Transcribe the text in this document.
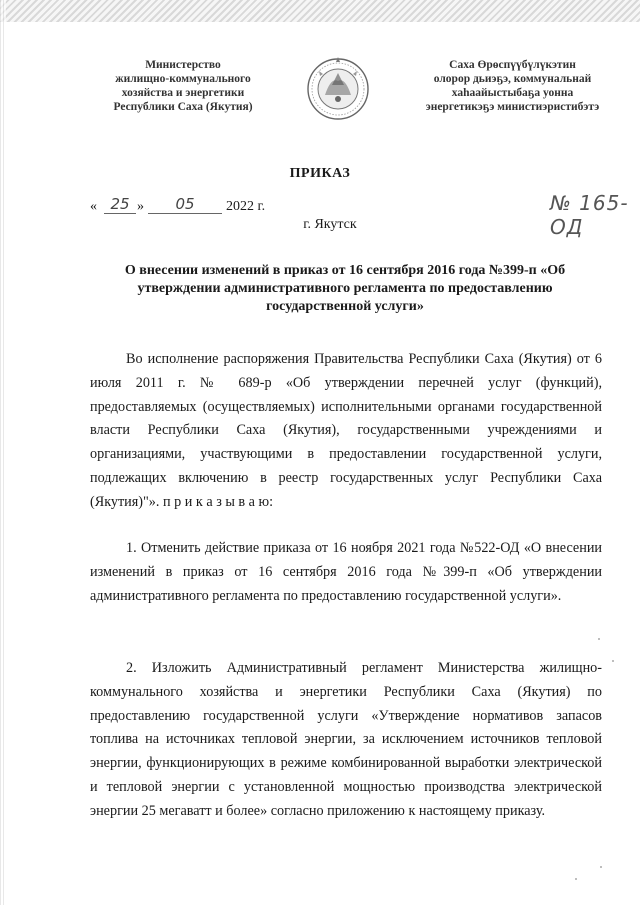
Министерство
жилищно-коммунального
хозяйства и энергетики
Республики Саха (Якутия)
Саха Өрөспүүбүлүкэтин
олорор дьиэҕэ, коммунальнай
хаһаайыстыбаҕа уонна
энергетикэҕэ министиэристибэтэ
ПРИКАЗ
« 25 »	05	2022 г.	№ 165-ОД
г. Якутск
О внесении изменений в приказ от 16 сентября 2016 года №399-п «Об
утверждении административного регламента по предоставлению
государственной услуги»
Во исполнение распоряжения Правительства Республики Саха (Якутия) от 6 июля 2011 г. № 689-р «Об утверждении перечней услуг (функций), предоставляемых (осуществляемых) исполнительными органами государственной власти Республики Саха (Якутия), государственными учреждениями и организациями, участвующими в предоставлении государственной услуги, подлежащих включению в реестр государственных услуг Республики Саха (Якутия)"». п р и к а з ы в а ю:
1. Отменить действие приказа от 16 ноября 2021 года №522-ОД «О внесении изменений в приказ от 16 сентября 2016 года №399-п «Об утверждении административного регламента по предоставлению государственной услуги».
2. Изложить Административный регламент Министерства жилищно-коммунального хозяйства и энергетики Республики Саха (Якутия) по предоставлению государственной услуги «Утверждение нормативов запасов топлива на источниках тепловой энергии, за исключением источников тепловой энергии, функционирующих в режиме комбинированной выработки электрической и тепловой энергии с установленной мощностью производства электрической энергии 25 мегаватт и более» согласно приложению к настоящему приказу.
